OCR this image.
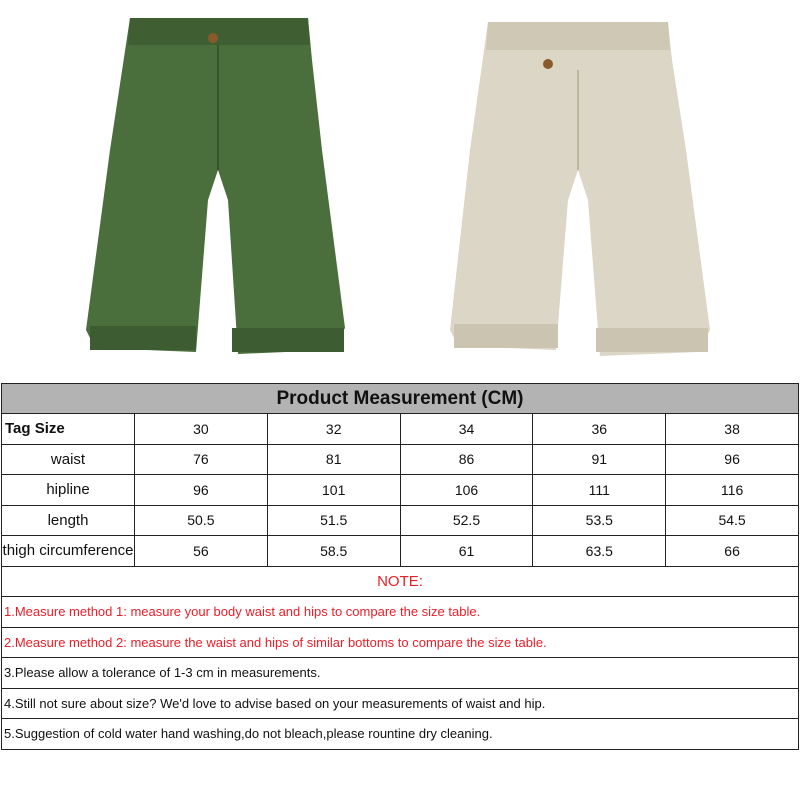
Product Measurement (CM)					
Tag Size	30	32	34	36	38
waist	76	81	86	91	96
hipline	96	101	106	111	116
length	50.5	51.5	52.5	53.5	54.5
thigh circumference	56	58.5	61	63.5	66
NOTE:					
1.Measure method 1: measure your body waist and hips to compare the size table.					
2.Measure method 2: measure the waist and hips of similar bottoms to compare the size table.					
3.Please allow a tolerance of 1-3 cm in measurements.					
4.Still not sure about size? We'd love to advise based on your measurements of waist and hip.					
5.Suggestion of cold water hand washing,do not bleach,please rountine dry cleaning.					
